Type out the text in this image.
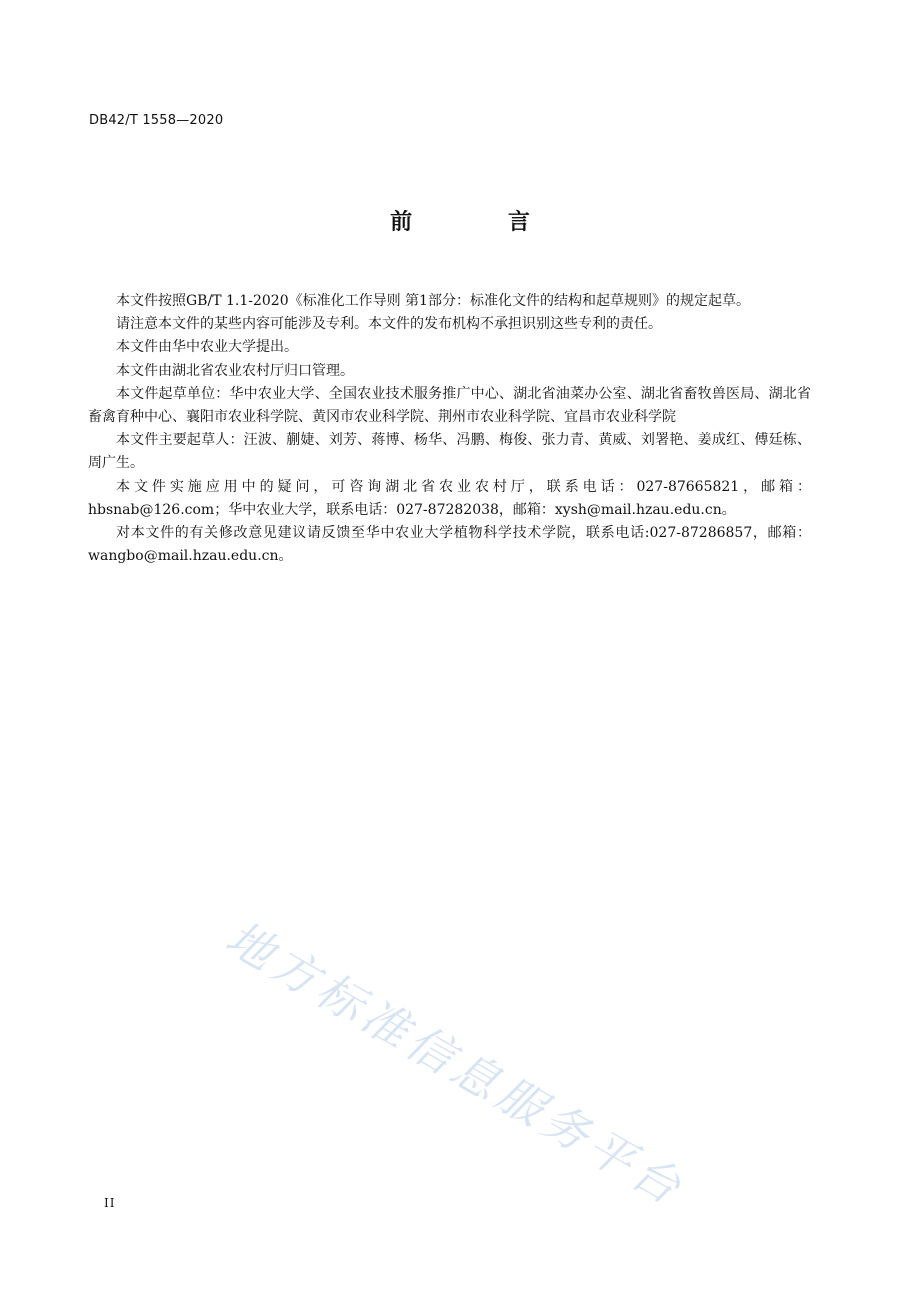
DB42/T 1558—2020
前 言

本文件按照GB/T 1.1-2020《标准化工作导则 第1部分：标准化文件的结构和起草规则》的规定起草。

请注意本文件的某些内容可能涉及专利。本文件的发布机构不承担识别这些专利的责任。

本文件由华中农业大学提出。

本文件由湖北省农业农村厅归口管理。

本文件起草单位：华中农业大学、全国农业技术服务推广中心、湖北省油菜办公室、湖北省畜牧兽医局、湖北省畜禽育种中心、襄阳市农业科学院、黄冈市农业科学院、荆州市农业科学院、宜昌市农业科学院

本文件主要起草人：汪波、蒯婕、刘芳、蒋博、杨华、冯鹏、梅俊、张力青、黄威、刘署艳、姜成红、傅廷栋、周广生。

本文件实施应用中的疑问，可咨询湖北省农业农村厅，联系电话：027-87665821，邮箱：hbsnab@126.com；华中农业大学，联系电话：027-87282038，邮箱：xysh@mail.hzau.edu.cn。

对本文件的有关修改意见建议请反馈至华中农业大学植物科学技术学院，联系电话:027-87286857，邮箱：wangbo@mail.hzau.edu.cn。

地方标准信息服务平台
II
